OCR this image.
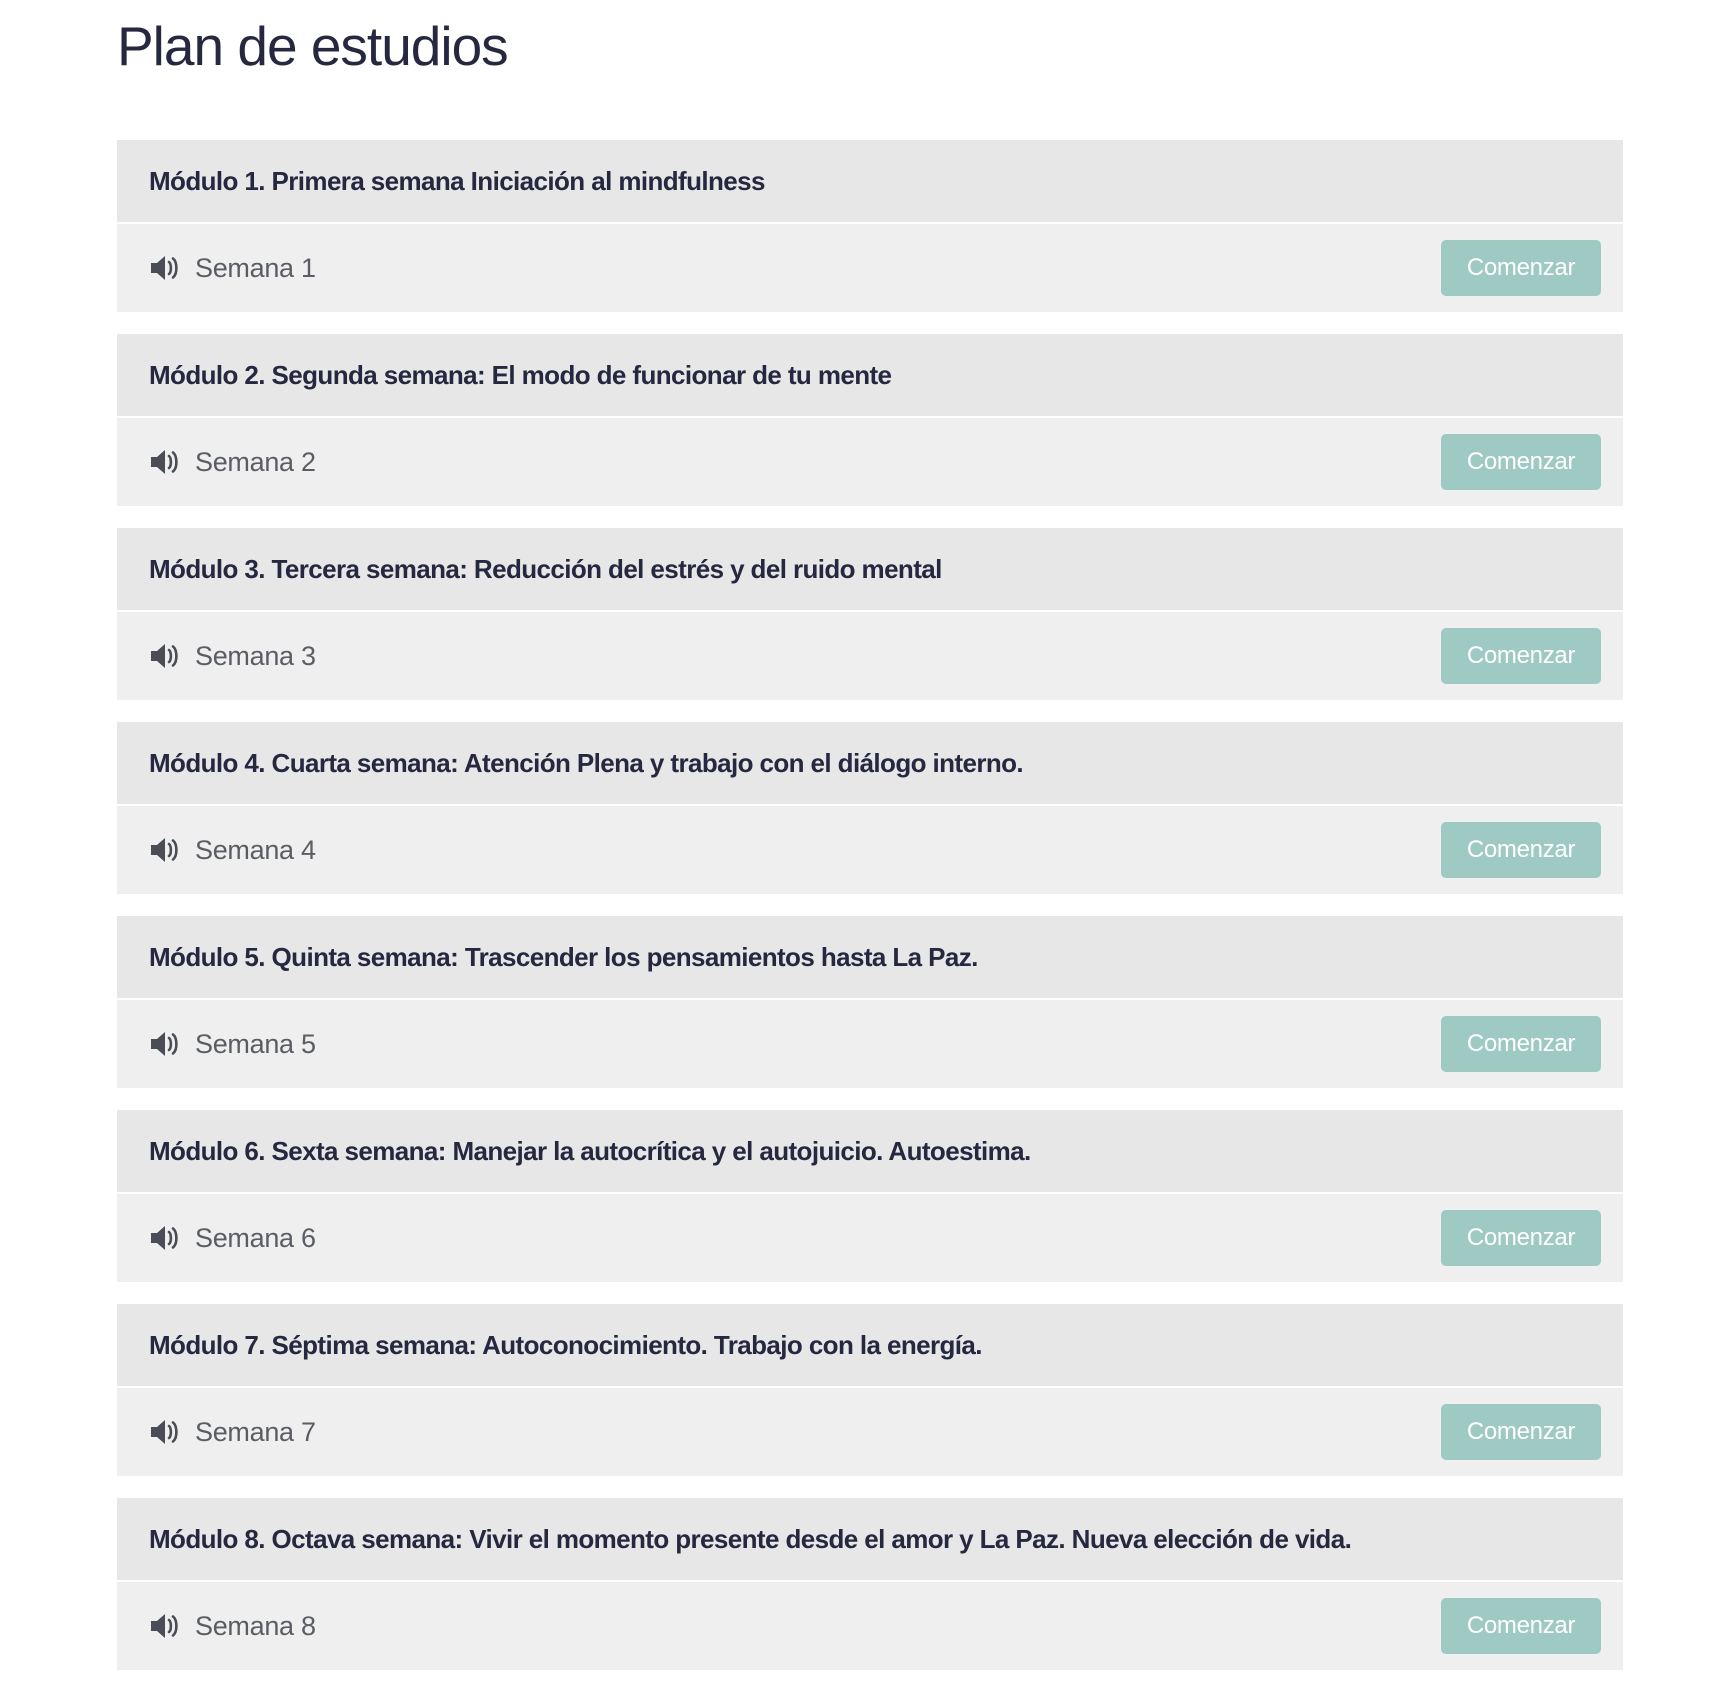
Plan de estudios
Módulo 1. Primera semana Iniciación al mindfulness
Semana 1	Comenzar
Módulo 2. Segunda semana: El modo de funcionar de tu mente
Semana 2	Comenzar
Módulo 3. Tercera semana: Reducción del estrés y del ruido mental
Semana 3	Comenzar
Módulo 4. Cuarta semana: Atención Plena y trabajo con el diálogo interno.
Semana 4	Comenzar
Módulo 5. Quinta semana: Trascender los pensamientos hasta La Paz.
Semana 5	Comenzar
Módulo 6. Sexta semana: Manejar la autocrítica y el autojuicio. Autoestima.
Semana 6	Comenzar
Módulo 7. Séptima semana: Autoconocimiento. Trabajo con la energía.
Semana 7	Comenzar
Módulo 8. Octava semana: Vivir el momento presente desde el amor y La Paz. Nueva elección de vida.
Semana 8	Comenzar
